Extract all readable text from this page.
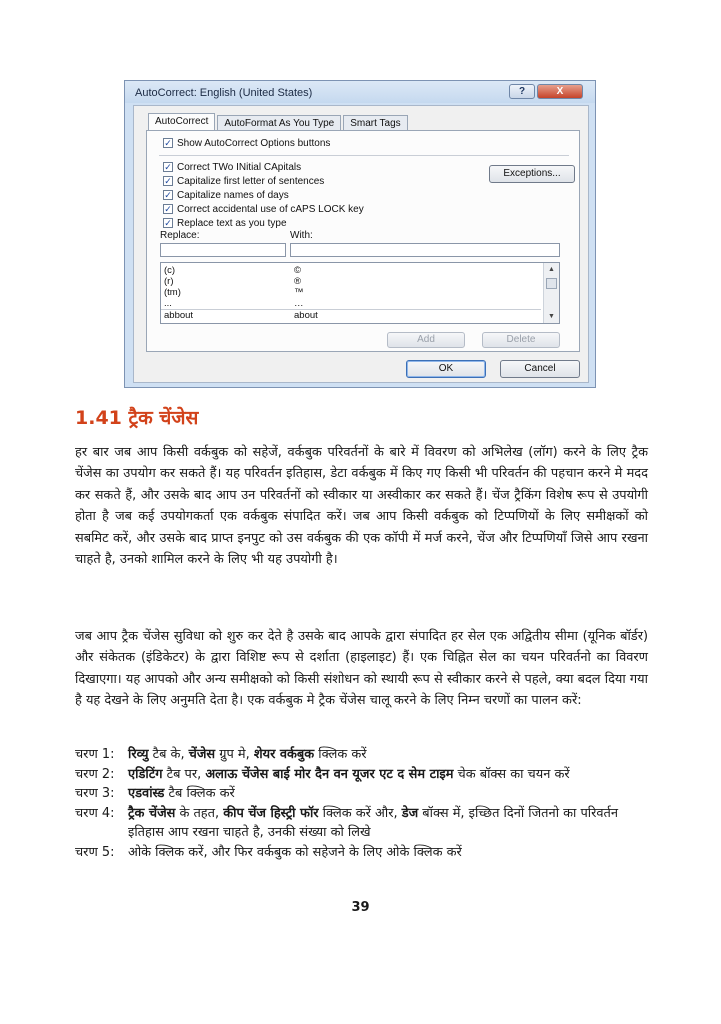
AutoCorrect: English (United States)	?	X
AutoCorrect	AutoFormat As You Type	Smart Tags
✓ Show AutoCorrect Options buttons
✓ Correct TWo INitial CApitals
✓ Capitalize first letter of sentences
✓ Capitalize names of days
✓ Correct accidental use of cAPS LOCK key
✓ Replace text as you type
Exceptions...
Replace:	With:
(c)	©
(r)	®
(tm)	™
...	…
abbout	about
▲
▼
Add	Delete
OK	Cancel
1.41 ट्रैक चेंजेस

हर बार जब आप किसी वर्कबुक को सहेजें, वर्कबुक परिवर्तनों के बारे में विवरण को अभिलेख (लॉग) करने के लिए ट्रैक चेंजेस का उपयोग कर सकते हैं। यह परिवर्तन इतिहास, डेटा वर्कबुक में किए गए किसी भी परिवर्तन की पहचान करने मे मदद कर सकते हैं, और उसके बाद आप उन परिवर्तनों को स्वीकार या अस्वीकार कर सकते हैं। चेंज ट्रैकिंग विशेष रूप से उपयोगी होता है जब कई उपयोगकर्ता एक वर्कबुक संपादित करें। जब आप किसी वर्कबुक को टिप्पणियों के लिए समीक्षकों को सबमिट करें, और उसके बाद प्राप्त इनपुट को उस वर्कबुक की एक कॉपी में मर्ज करने, चेंज और टिप्पणियाँ जिसे आप रखना चाहते है, उनको शामिल करने के लिए भी यह उपयोगी है।

जब आप ट्रैक चेंजेस सुविधा को शुरु कर देते है उसके बाद आपके द्वारा संपादित हर सेल एक अद्वितीय सीमा (यूनिक बॉर्डर) और संकेतक (इंडिकेटर) के द्वारा विशिष्ट रूप से दर्शाता (हाइलाइट) हैं। एक चिह्नित सेल का चयन परिवर्तनो का विवरण दिखाएगा। यह आपको और अन्य समीक्षको को किसी संशोधन को स्थायी रूप से स्वीकार करने से पहले, क्या बदल दिया गया है यह देखने के लिए अनुमति देता है। एक वर्कबुक मे ट्रैक चेंजेस चालू करने के लिए निम्न चरणों का पालन करें:

चरण 1:	रिव्यु टैब के, चेंजेस ग्रुप मे, शेयर वर्कबुक क्लिक करें
चरण 2:	एडिटिंग टैब पर, अलाऊ चेंजेस बाई मोर दैन वन यूजर एट द सेम टाइम चेक बॉक्स का चयन करें
चरण 3:	एडवांस्ड टैब क्लिक करें
चरण 4:	ट्रैक चेंजेस के तहत, कीप चेंज हिस्ट्री फॉर क्लिक करें और, डेज बॉक्स में, इच्छित दिनों जितनो का परिवर्तन इतिहास आप रखना चाहते है, उनकी संख्या को लिखे
चरण 5:	ओके क्लिक करें, और फिर वर्कबुक को सहेजने के लिए ओके क्लिक करें
39
